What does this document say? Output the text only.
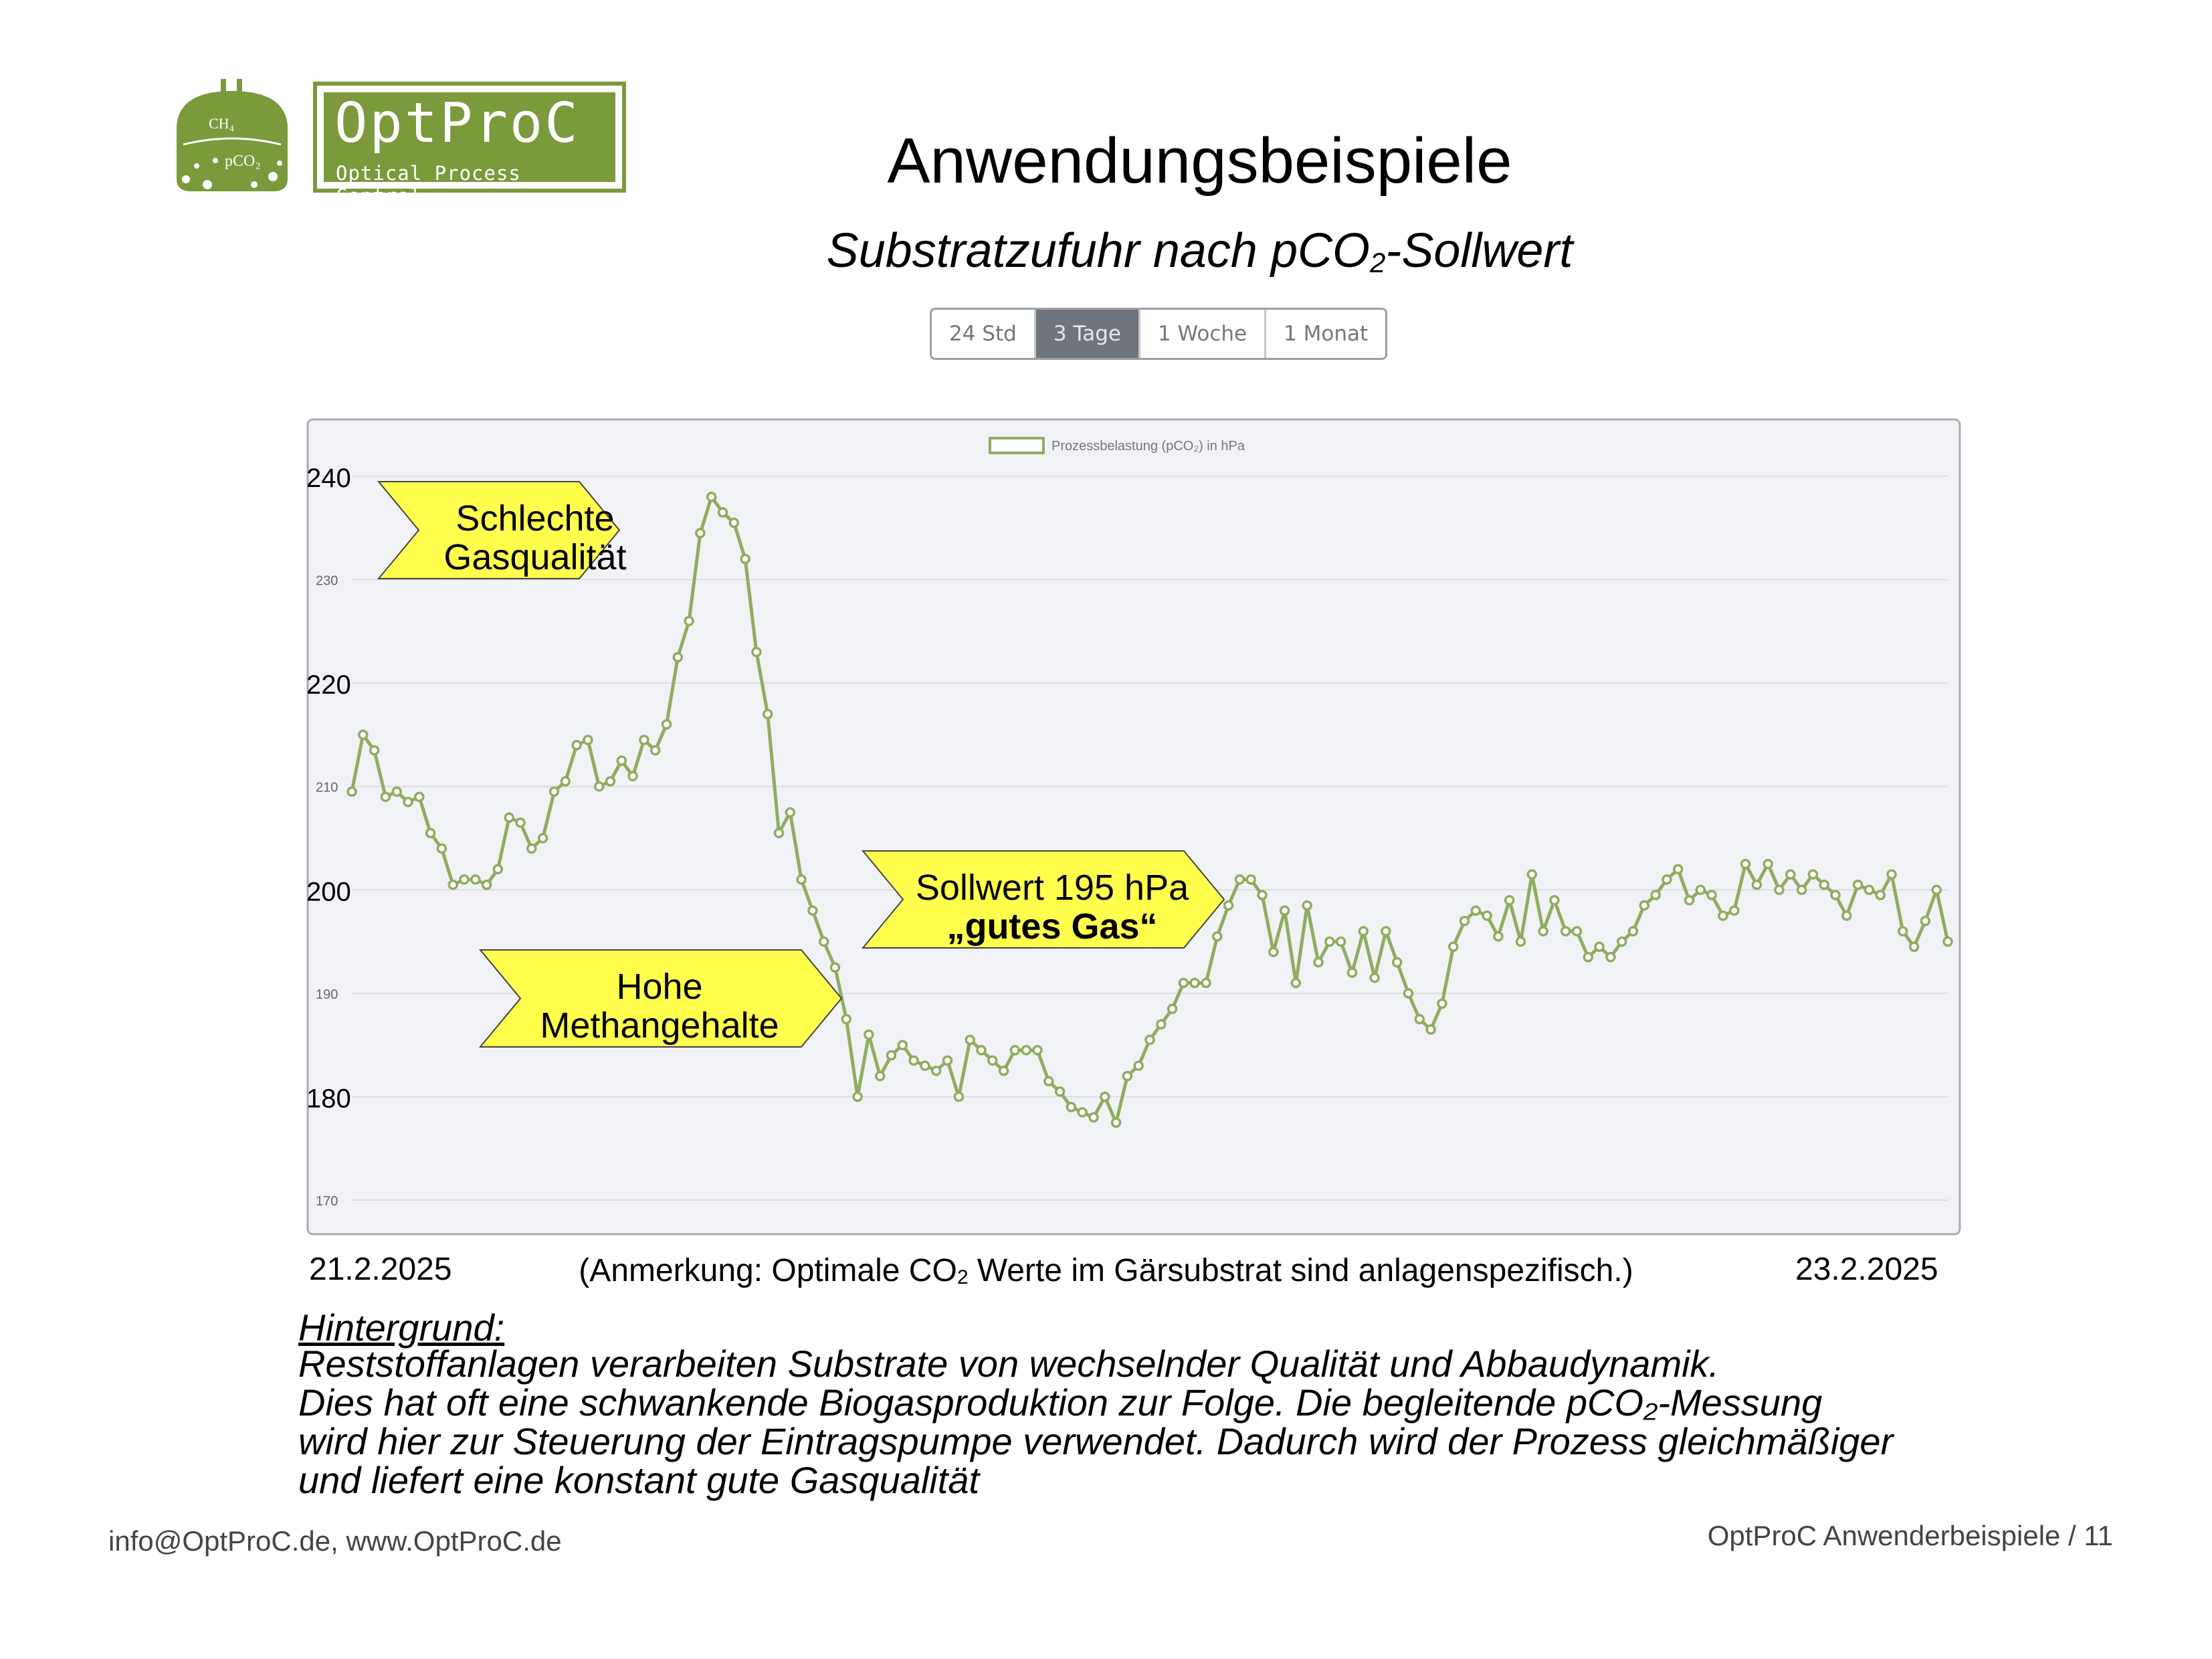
CH₄
pCO₂
OptProC
Optical Process Control	Anwendungsbeispiele
Substratzufuhr nach pCO$_2$-Sollwert
24 Std	3 Tage	1 Woche	1 Monat
240
230
220
210
200
190
180
170
Prozessbelastung (pCO₂) in hPa
Schlechte
Gasqualität
Hohe
Methangehalte
Sollwert 195 hPa
„gutes Gas“
21.2.2025	23.2.2025
(Anmerkung: Optimale $CO_2$ Werte im Gärsubstrat sind anlagenspezifisch.)
Hintergrund:
Reststoffanlagen verarbeiten Substrate von wechselnder Qualität und Abbaudynamik.
Dies hat oft eine schwankende Biogasproduktion zur Folge. Die begleitende pCO₂-Messung
wird hier zur Steuerung der Eintragspumpe verwendet. Dadurch wird der Prozess gleichmäßiger
und liefert eine konstant gute Gasqualität
info@OptProC.de, www.OptProC.de	OptProC Anwenderbeispiele / 11
